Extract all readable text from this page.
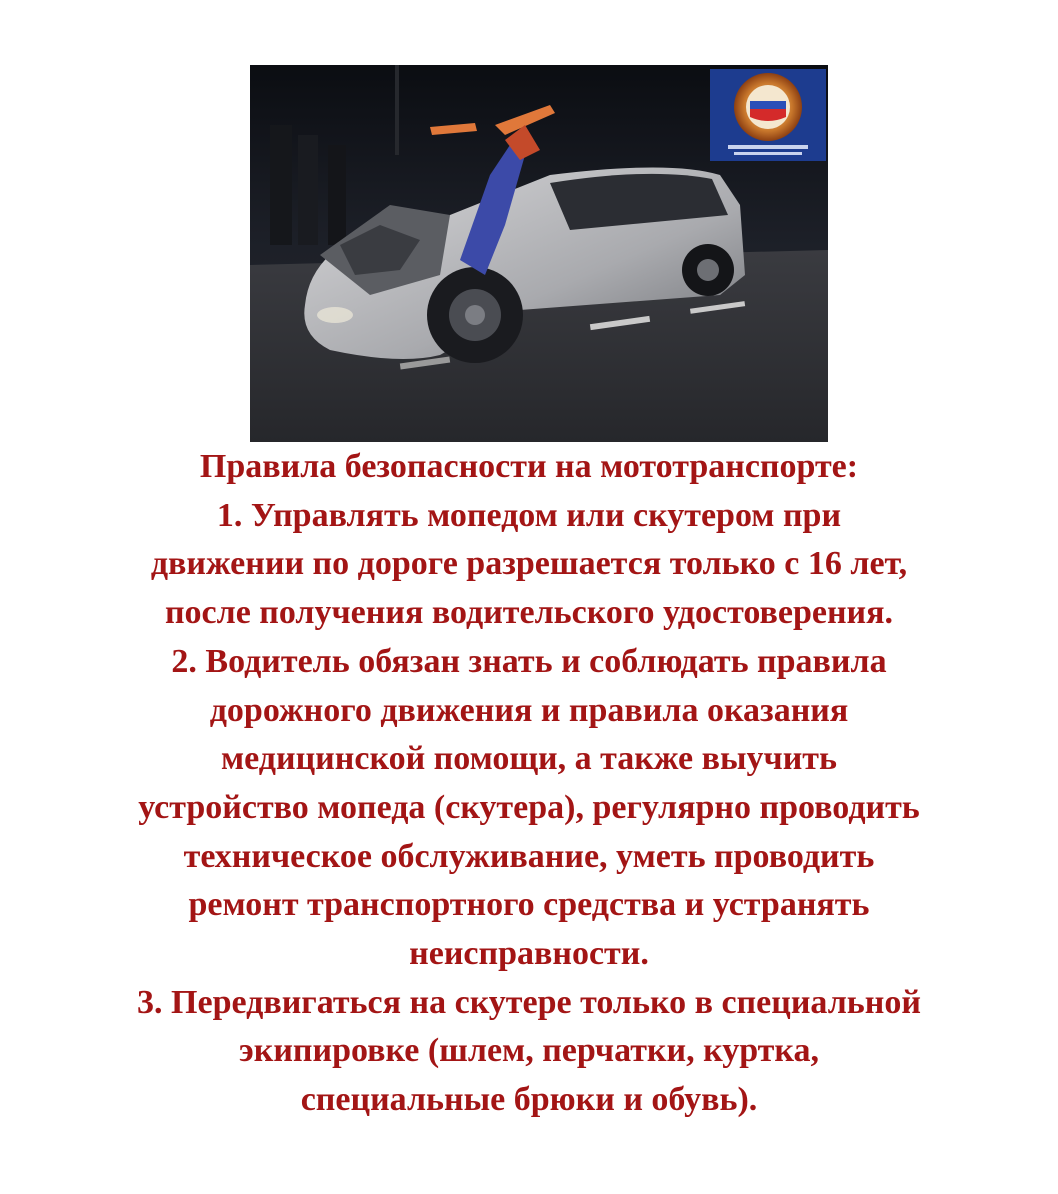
Правила безопасности на мототранспорте:
1. Управлять мопедом или скутером при
движении по дороге разрешается только с 16 лет,
после получения водительского удостоверения.
2. Водитель обязан знать и соблюдать правила
дорожного движения и правила оказания
медицинской помощи, а также выучить
устройство мопеда (скутера), регулярно проводить
техническое обслуживание, уметь проводить
ремонт транспортного средства и устранять
неисправности.
3. Передвигаться на скутере только в специальной
экипировке (шлем, перчатки, куртка,
специальные брюки и обувь).
